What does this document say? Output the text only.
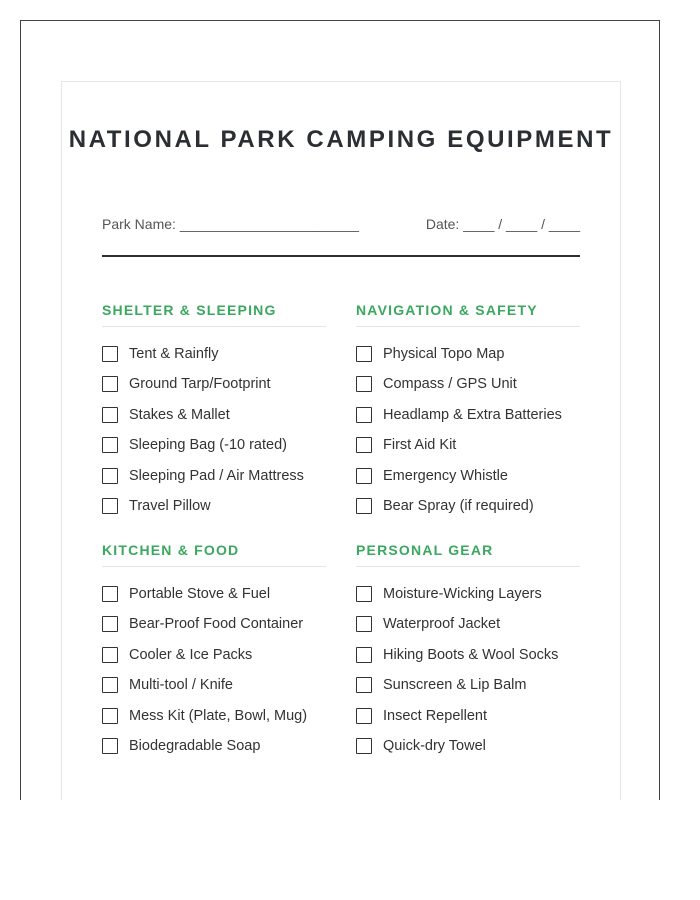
NATIONAL PARK CAMPING EQUIPMENT
Park Name: _______________________	Date: ____ / ____ / ____
SHELTER & SLEEPING
Tent & Rainfly
Ground Tarp/Footprint
Stakes & Mallet
Sleeping Bag (-10 rated)
Sleeping Pad / Air Mattress
Travel Pillow
NAVIGATION & SAFETY
Physical Topo Map
Compass / GPS Unit
Headlamp & Extra Batteries
First Aid Kit
Emergency Whistle
Bear Spray (if required)
KITCHEN & FOOD
Portable Stove & Fuel
Bear-Proof Food Container
Cooler & Ice Packs
Multi-tool / Knife
Mess Kit (Plate, Bowl, Mug)
Biodegradable Soap
PERSONAL GEAR
Moisture-Wicking Layers
Waterproof Jacket
Hiking Boots & Wool Socks
Sunscreen & Lip Balm
Insect Repellent
Quick-dry Towel
